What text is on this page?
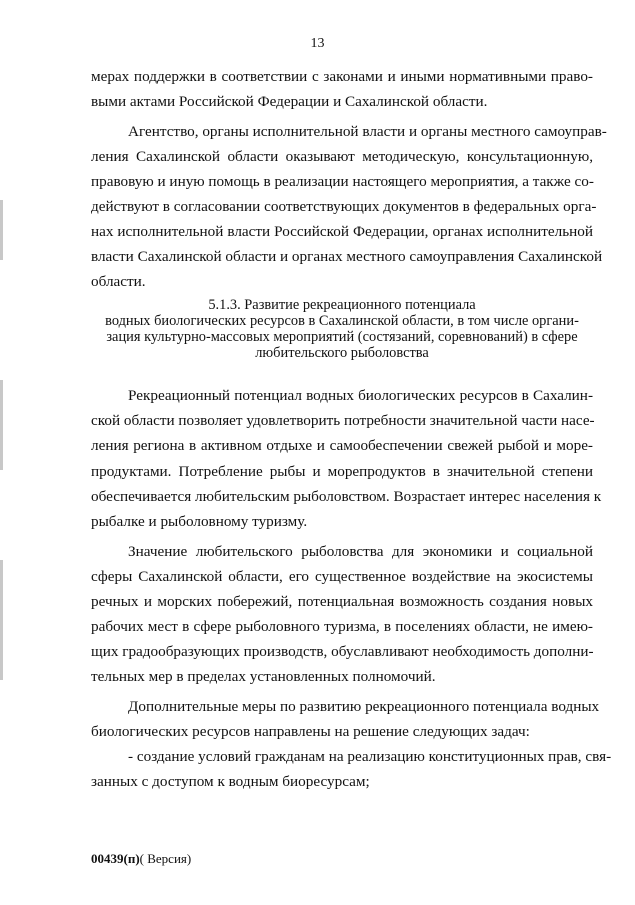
13
мерах поддержки в соответствии с законами и иными нормативными право-
выми актами Российской Федерации и Сахалинской области.
Агентство, органы исполнительной власти и органы местного самоуправ-
ления Сахалинской области оказывают методическую, консультационную,
правовую и иную помощь в реализации настоящего мероприятия, а также со-
действуют в согласовании соответствующих документов в федеральных орга-
нах исполнительной власти Российской Федерации, органах исполнительной
власти Сахалинской области и органах местного самоуправления Сахалинской
области.
5.1.3. Развитие рекреационного потенциала
водных биологических ресурсов в Сахалинской области, в том числе органи-
зация культурно-массовых мероприятий (состязаний, соревнований) в сфере
любительского рыболовства
Рекреационный потенциал водных биологических ресурсов в Сахалин-
ской области позволяет удовлетворить потребности значительной части насе-
ления региона в активном отдыхе и самообеспечении свежей рыбой и море-
продуктами. Потребление рыбы и морепродуктов в значительной степени
обеспечивается любительским рыболовством. Возрастает интерес населения к
рыбалке и рыболовному туризму.
Значение любительского рыболовства для экономики и социальной
сферы Сахалинской области, его существенное воздействие на экосистемы
речных и морских побережий, потенциальная возможность создания новых
рабочих мест в сфере рыболовного туризма, в поселениях области, не имею-
щих градообразующих производств, обуславливают необходимость дополни-
тельных мер в пределах установленных полномочий.
Дополнительные меры по развитию рекреационного потенциала водных
биологических ресурсов направлены на решение следующих задач:
- создание условий гражданам на реализацию конституционных прав, свя-
занных с доступом к водным биоресурсам;
00439(п)( Версия)
